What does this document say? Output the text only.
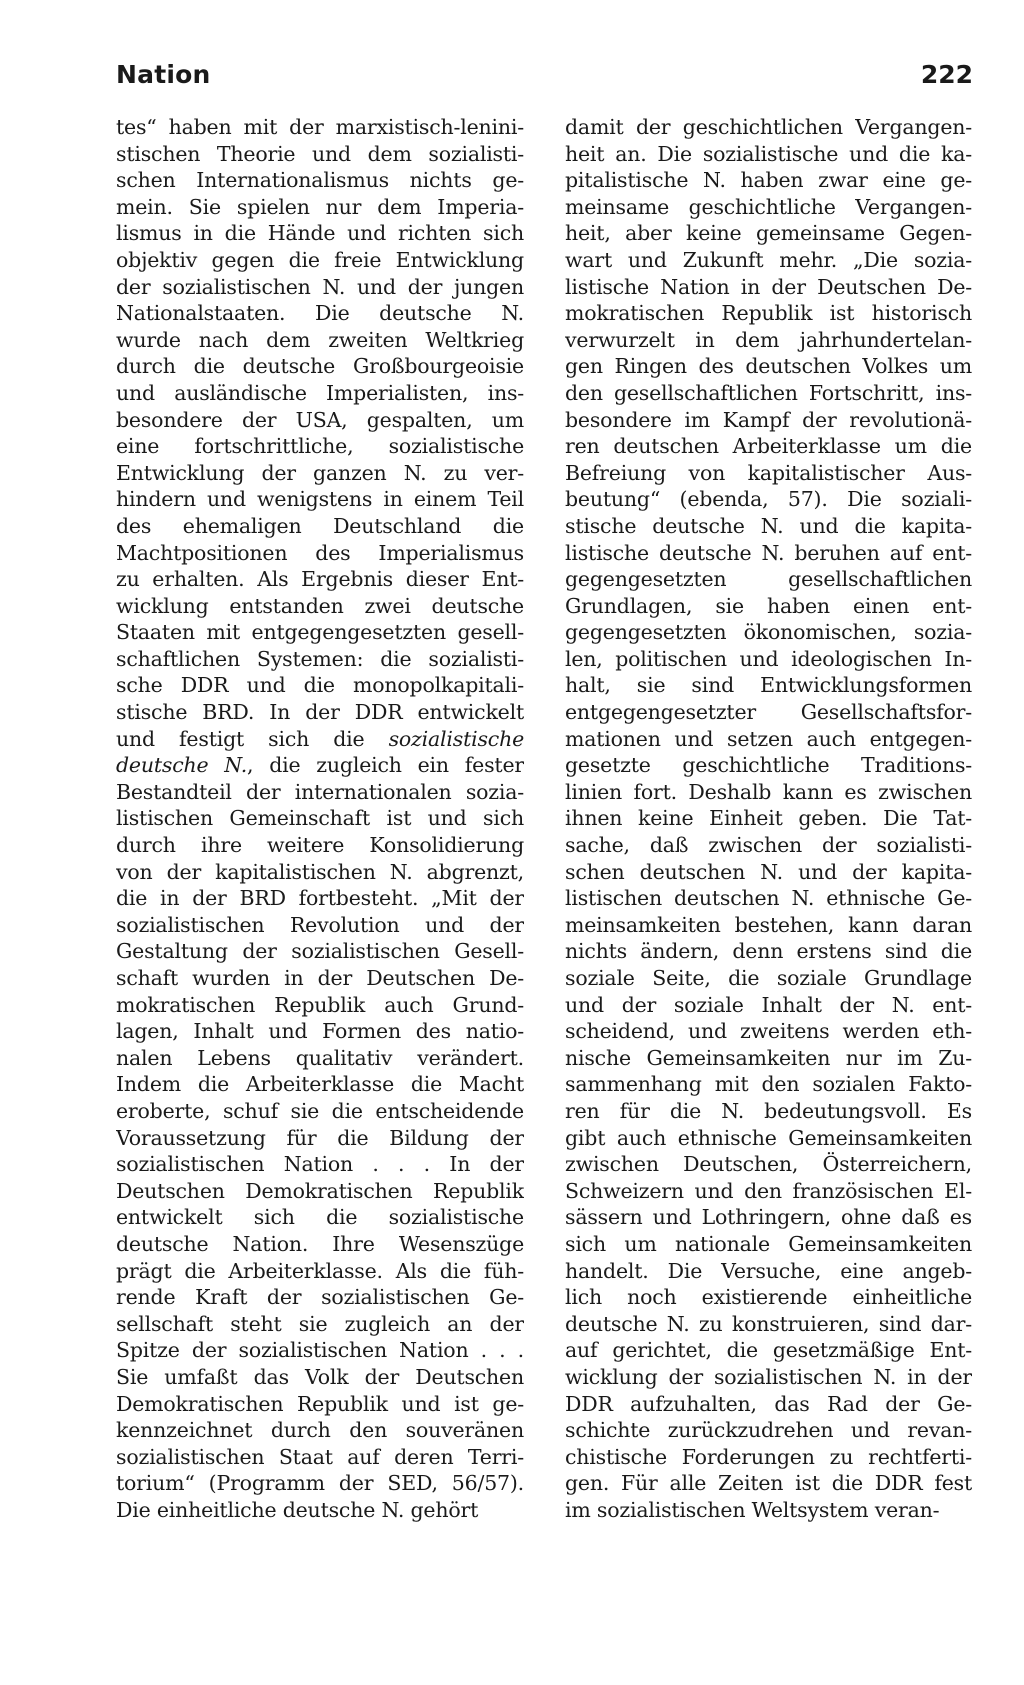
Nation	222
tes“ haben mit der marxistisch-lenini-
stischen Theorie und dem sozialisti-
schen Internationalismus nichts ge-
mein. Sie spielen nur dem Imperia-
lismus in die Hände und richten sich
objektiv gegen die freie Entwicklung
der sozialistischen N. und der jungen
Nationalstaaten. Die deutsche N.
wurde nach dem zweiten Weltkrieg
durch die deutsche Großbourgeoisie
und ausländische Imperialisten, ins-
besondere der USA, gespalten, um
eine fortschrittliche, sozialistische
Entwicklung der ganzen N. zu ver-
hindern und wenigstens in einem Teil
des ehemaligen Deutschland die
Machtpositionen des Imperialismus
zu erhalten. Als Ergebnis dieser Ent-
wicklung entstanden zwei deutsche
Staaten mit entgegengesetzten gesell-
schaftlichen Systemen: die sozialisti-
sche DDR und die monopolkapitali-
stische BRD. In der DDR entwickelt
und festigt sich die sozialistische
deutsche N., die zugleich ein fester
Bestandteil der internationalen sozia-
listischen Gemeinschaft ist und sich
durch ihre weitere Konsolidierung
von der kapitalistischen N. abgrenzt,
die in der BRD fortbesteht. „Mit der
sozialistischen Revolution und der
Gestaltung der sozialistischen Gesell-
schaft wurden in der Deutschen De-
mokratischen Republik auch Grund-
lagen, Inhalt und Formen des natio-
nalen Lebens qualitativ verändert.
Indem die Arbeiterklasse die Macht
eroberte, schuf sie die entscheidende
Voraussetzung für die Bildung der
sozialistischen Nation . . . In der
Deutschen Demokratischen Republik
entwickelt sich die sozialistische
deutsche Nation. Ihre Wesenszüge
prägt die Arbeiterklasse. Als die füh-
rende Kraft der sozialistischen Ge-
sellschaft steht sie zugleich an der
Spitze der sozialistischen Nation . . .
Sie umfaßt das Volk der Deutschen
Demokratischen Republik und ist ge-
kennzeichnet durch den souveränen
sozialistischen Staat auf deren Terri-
torium“ (Programm der SED, 56/57).
Die einheitliche deutsche N. gehört
damit der geschichtlichen Vergangen-
heit an. Die sozialistische und die ka-
pitalistische N. haben zwar eine ge-
meinsame geschichtliche Vergangen-
heit, aber keine gemeinsame Gegen-
wart und Zukunft mehr. „Die sozia-
listische Nation in der Deutschen De-
mokratischen Republik ist historisch
verwurzelt in dem jahrhundertelan-
gen Ringen des deutschen Volkes um
den gesellschaftlichen Fortschritt, ins-
besondere im Kampf der revolutionä-
ren deutschen Arbeiterklasse um die
Befreiung von kapitalistischer Aus-
beutung“ (ebenda, 57). Die soziali-
stische deutsche N. und die kapita-
listische deutsche N. beruhen auf ent-
gegengesetzten gesellschaftlichen
Grundlagen, sie haben einen ent-
gegengesetzten ökonomischen, sozia-
len, politischen und ideologischen In-
halt, sie sind Entwicklungsformen
entgegengesetzter Gesellschaftsfor-
mationen und setzen auch entgegen-
gesetzte geschichtliche Traditions-
linien fort. Deshalb kann es zwischen
ihnen keine Einheit geben. Die Tat-
sache, daß zwischen der sozialisti-
schen deutschen N. und der kapita-
listischen deutschen N. ethnische Ge-
meinsamkeiten bestehen, kann daran
nichts ändern, denn erstens sind die
soziale Seite, die soziale Grundlage
und der soziale Inhalt der N. ent-
scheidend, und zweitens werden eth-
nische Gemeinsamkeiten nur im Zu-
sammenhang mit den sozialen Fakto-
ren für die N. bedeutungsvoll. Es
gibt auch ethnische Gemeinsamkeiten
zwischen Deutschen, Österreichern,
Schweizern und den französischen El-
sässern und Lothringern, ohne daß es
sich um nationale Gemeinsamkeiten
handelt. Die Versuche, eine angeb-
lich noch existierende einheitliche
deutsche N. zu konstruieren, sind dar-
auf gerichtet, die gesetzmäßige Ent-
wicklung der sozialistischen N. in der
DDR aufzuhalten, das Rad der Ge-
schichte zurückzudrehen und revan-
chistische Forderungen zu rechtferti-
gen. Für alle Zeiten ist die DDR fest
im sozialistischen Weltsystem veran-
